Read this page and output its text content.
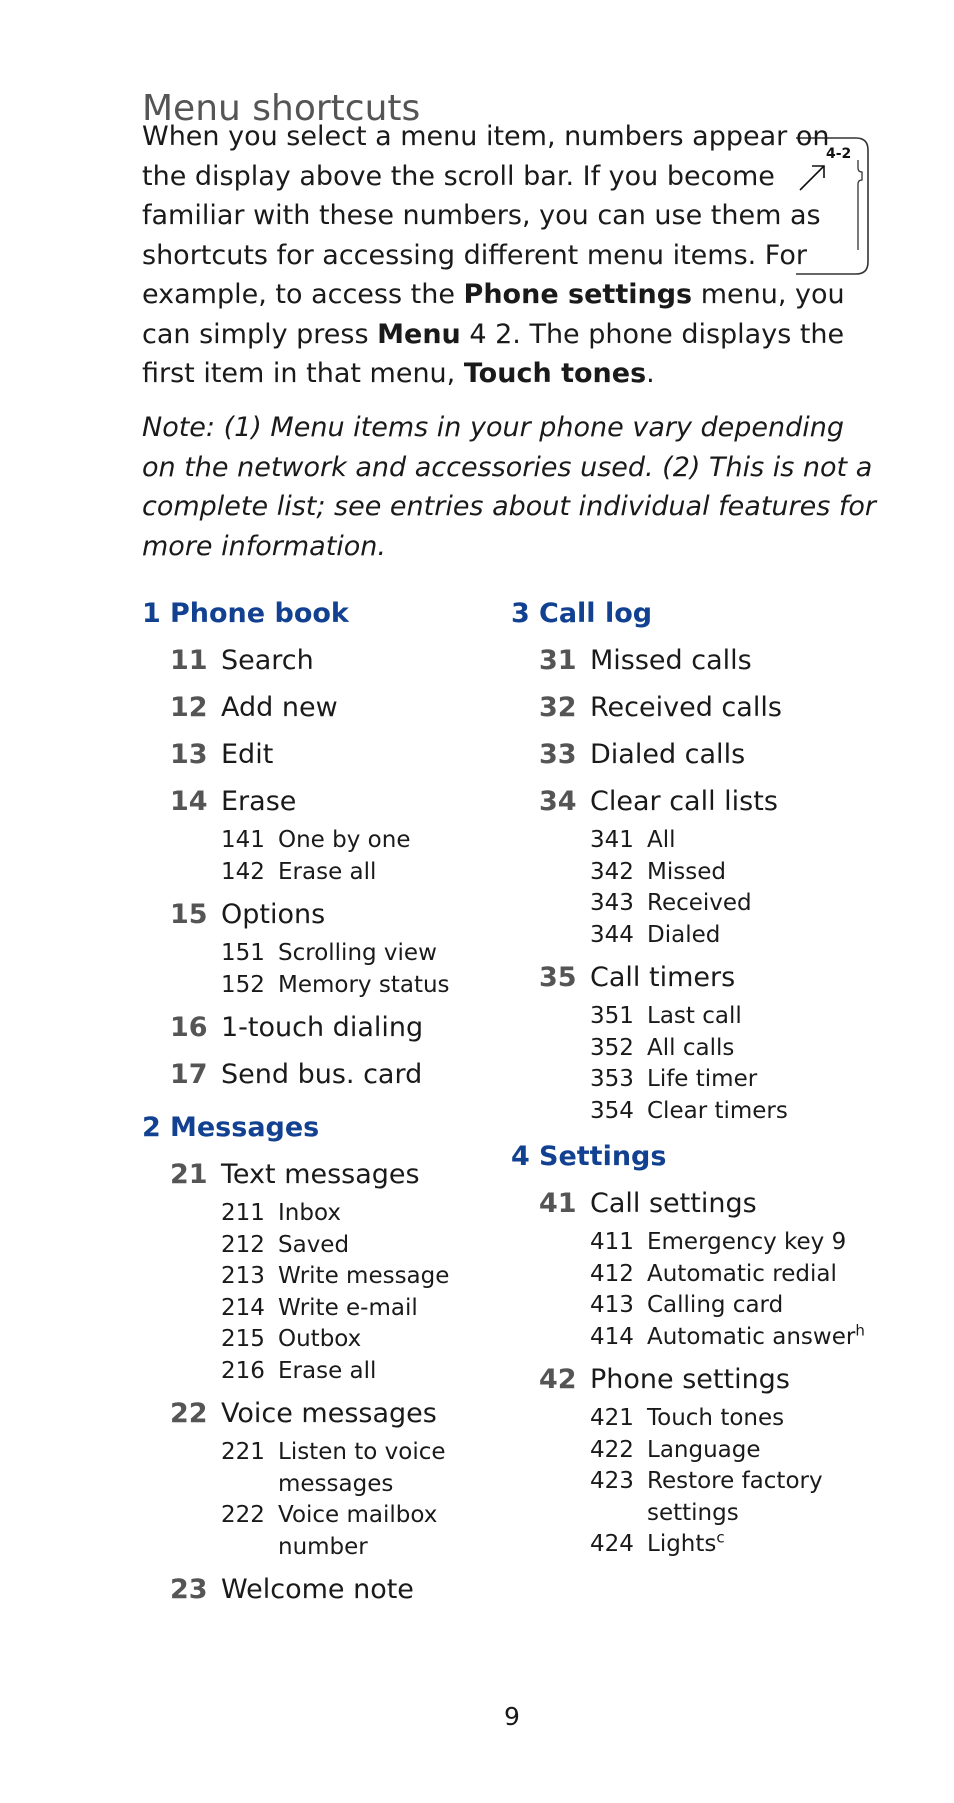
Menu shortcuts
4-2

When you select a menu item, numbers appear on the display above the scroll bar. If you become familiar with these numbers, you can use them as shortcuts for accessing different menu items. For example, to access the Phone settings menu, you can simply press Menu 4 2. The phone displays the first item in that menu, Touch tones.

Note: (1) Menu items in your phone vary depending on the network and accessories used. (2) This is not a complete list; see entries about individual features for more information.
1 Phone book
11 Search
12 Add new
13 Edit
14 Erase
141 One by one
142 Erase all
15 Options
151 Scrolling view
152 Memory status
16 1-touch dialing
17 Send bus. card
2 Messages
21 Text messages
211 Inbox
212 Saved
213 Write message
214 Write e-mail
215 Outbox
216 Erase all
22 Voice messages
221 Listen to voice messages
222 Voice mailbox number
23 Welcome note
3 Call log
31 Missed calls
32 Received calls
33 Dialed calls
34 Clear call lists
341 All
342 Missed
343 Received
344 Dialed
35 Call timers
351 Last call
352 All calls
353 Life timer
354 Clear timers
4 Settings
41 Call settings
411 Emergency key 9
412 Automatic redial
413 Calling card
414 Automatic answer$^h$
42 Phone settings
421 Touch tones
422 Language
423 Restore factory settings
424 Lights$^c$
9
